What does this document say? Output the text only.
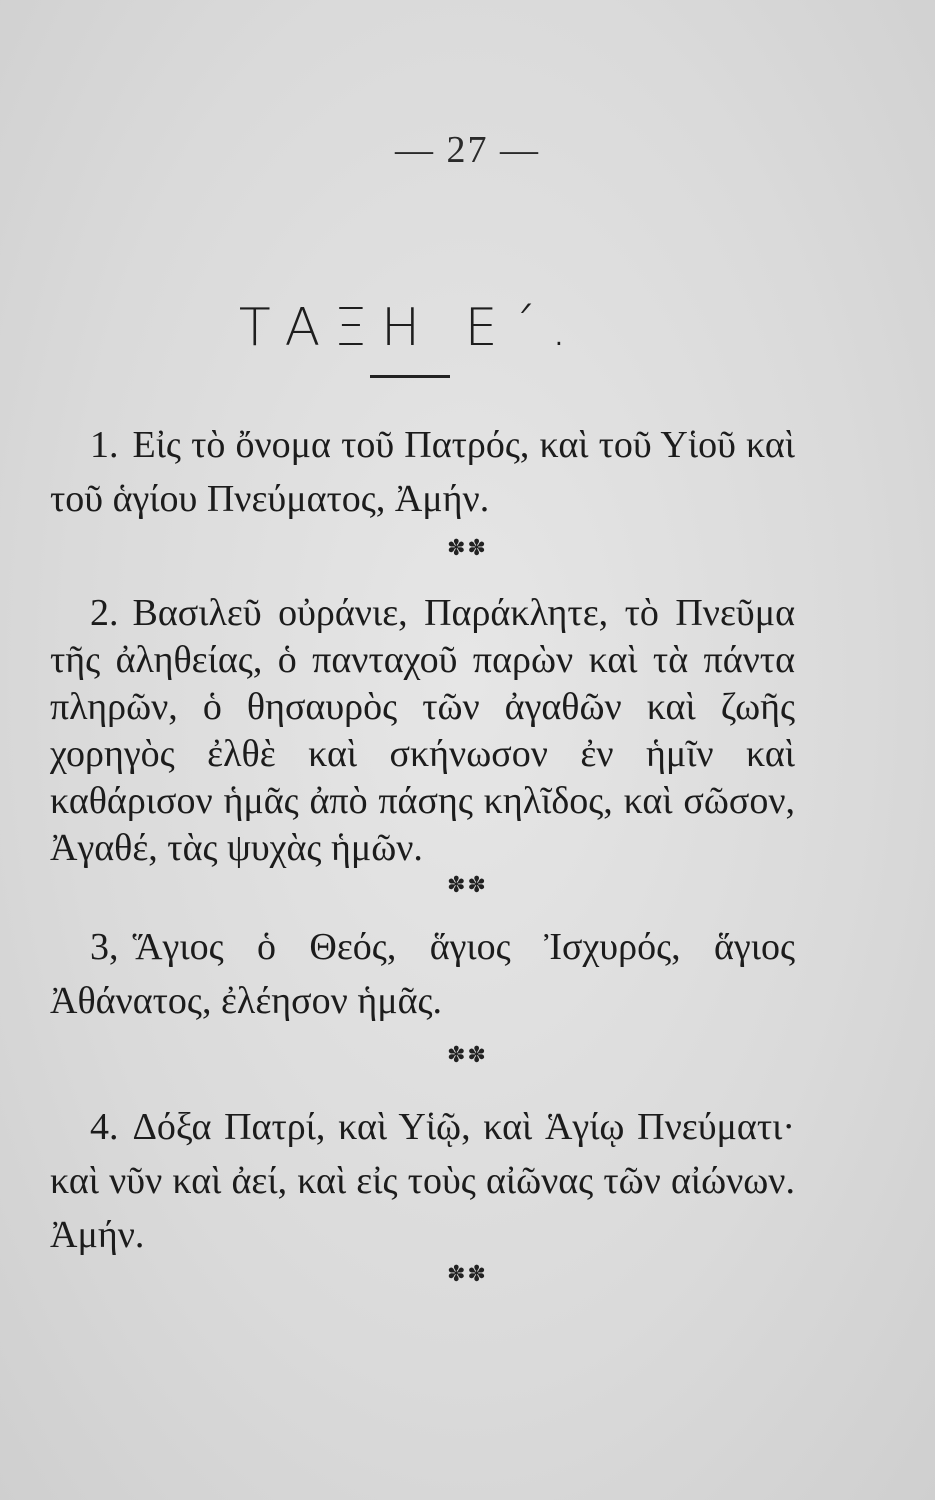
— 27 —
ΤΑΞΗ Ε΄.

1. Εἰς τὸ ὄνομα τοῦ Πατρός, καὶ τοῦ Υἱοῦ καὶ τοῦ ἁγίου Πνεύματος, Ἀμήν.

✽✽

2. Βασιλεῦ οὐράνιε, Παράκλητε, τὸ Πνεῦμα τῆς ἀληθείας, ὁ πανταχοῦ παρὼν καὶ τὰ πάντα πληρῶν, ὁ θησαυρὸς τῶν ἀγαθῶν καὶ ζωῆς χορηγὸς ἐλθὲ καὶ σκήνωσον ἐν ἡμῖν καὶ καθάρισον ἡμᾶς ἀπὸ πάσης κηλῖδος, καὶ σῶσον, Ἀγαθέ, τὰς ψυχὰς ἡμῶν.

✽✽

3, Ἅγιος ὁ Θεός, ἅγιος Ἰσχυρός, ἅγιος Ἀθάνατος, ἐλέησον ἡμᾶς.

✽✽

4. Δόξα Πατρί, καὶ Υἱῷ, καὶ Ἁγίῳ Πνεύματι· καὶ νῦν καὶ ἀεί, καὶ εἰς τοὺς αἰῶνας τῶν αἰώνων. Ἀμήν.

✽✽
